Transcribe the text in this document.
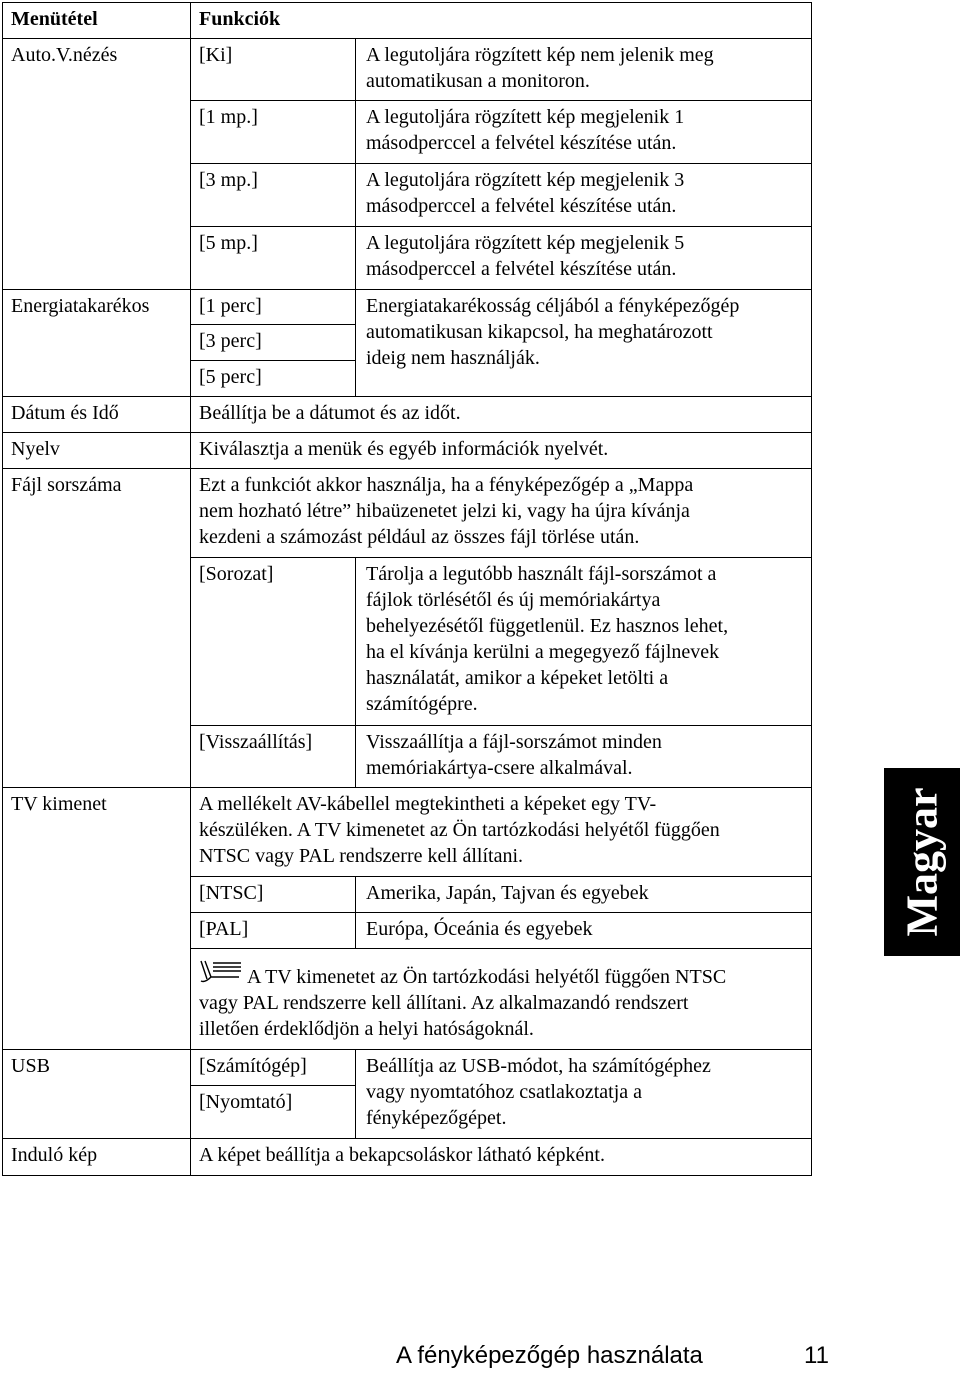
Menütétel	Funkciók
Auto.V.nézés	[Ki]	A legutoljára rögzített kép nem jelenik meg
automatikusan a monitoron.
[1 mp.]	A legutoljára rögzített kép megjelenik 1
másodperccel a felvétel készítése után.
[3 mp.]	A legutoljára rögzített kép megjelenik 3
másodperccel a felvétel készítése után.
[5 mp.]	A legutoljára rögzített kép megjelenik 5
másodperccel a felvétel készítése után.
Energiatakarékos [1 perc]
[3 perc]
[5 perc]
Energiatakarékosság céljából a fényképezőgép
automatikusan kikapcsol, ha meghatározott
ideig nem használják.
Dátum és Idő	Beállítja be a dátumot és az időt.
Nyelv	Kiválasztja a menük és egyéb információk nyelvét.
Fájl sorszáma	Ezt a funkciót akkor használja, ha a fényképezőgép a „Mappa
nem hozható létre” hibaüzenetet jelzi ki, vagy ha újra kívánja
kezdeni a számozást például az összes fájl törlése után.
[Sorozat]	Tárolja a legutóbb használt fájl-sorszámot a
fájlok törlésétől és új memóriakártya
behelyezésétől függetlenül. Ez hasznos lehet,
ha el kívánja kerülni a megegyező fájlnevek
használatát, amikor a képeket letölti a
számítógépre.
[Visszaállítás]	Visszaállítja a fájl-sorszámot minden
memóriakártya-csere alkalmával.
TV kimenet	A mellékelt AV-kábellel megtekintheti a képeket egy TV-
készüléken. A TV kimenetet az Ön tartózkodási helyétől függően
NTSC vagy PAL rendszerre kell állítani.
[NTSC]	Amerika, Japán, Tajvan és egyebek
[PAL]	Európa, Óceánia és egyebek
A TV kimenetet az Ön tartózkodási helyétől függően NTSC
vagy PAL rendszerre kell állítani. Az alkalmazandó rendszert
illetően érdeklődjön a helyi hatóságoknál.
USB	[Számítógép]
[Nyomtató]
Beállítja az USB-módot, ha számítógéphez
vagy nyomtatóhoz csatlakoztatja a
fényképezőgépet.
Induló kép	A képet beállítja a bekapcsoláskor látható képként.
Magyar
A fényképezőgép használata	11
